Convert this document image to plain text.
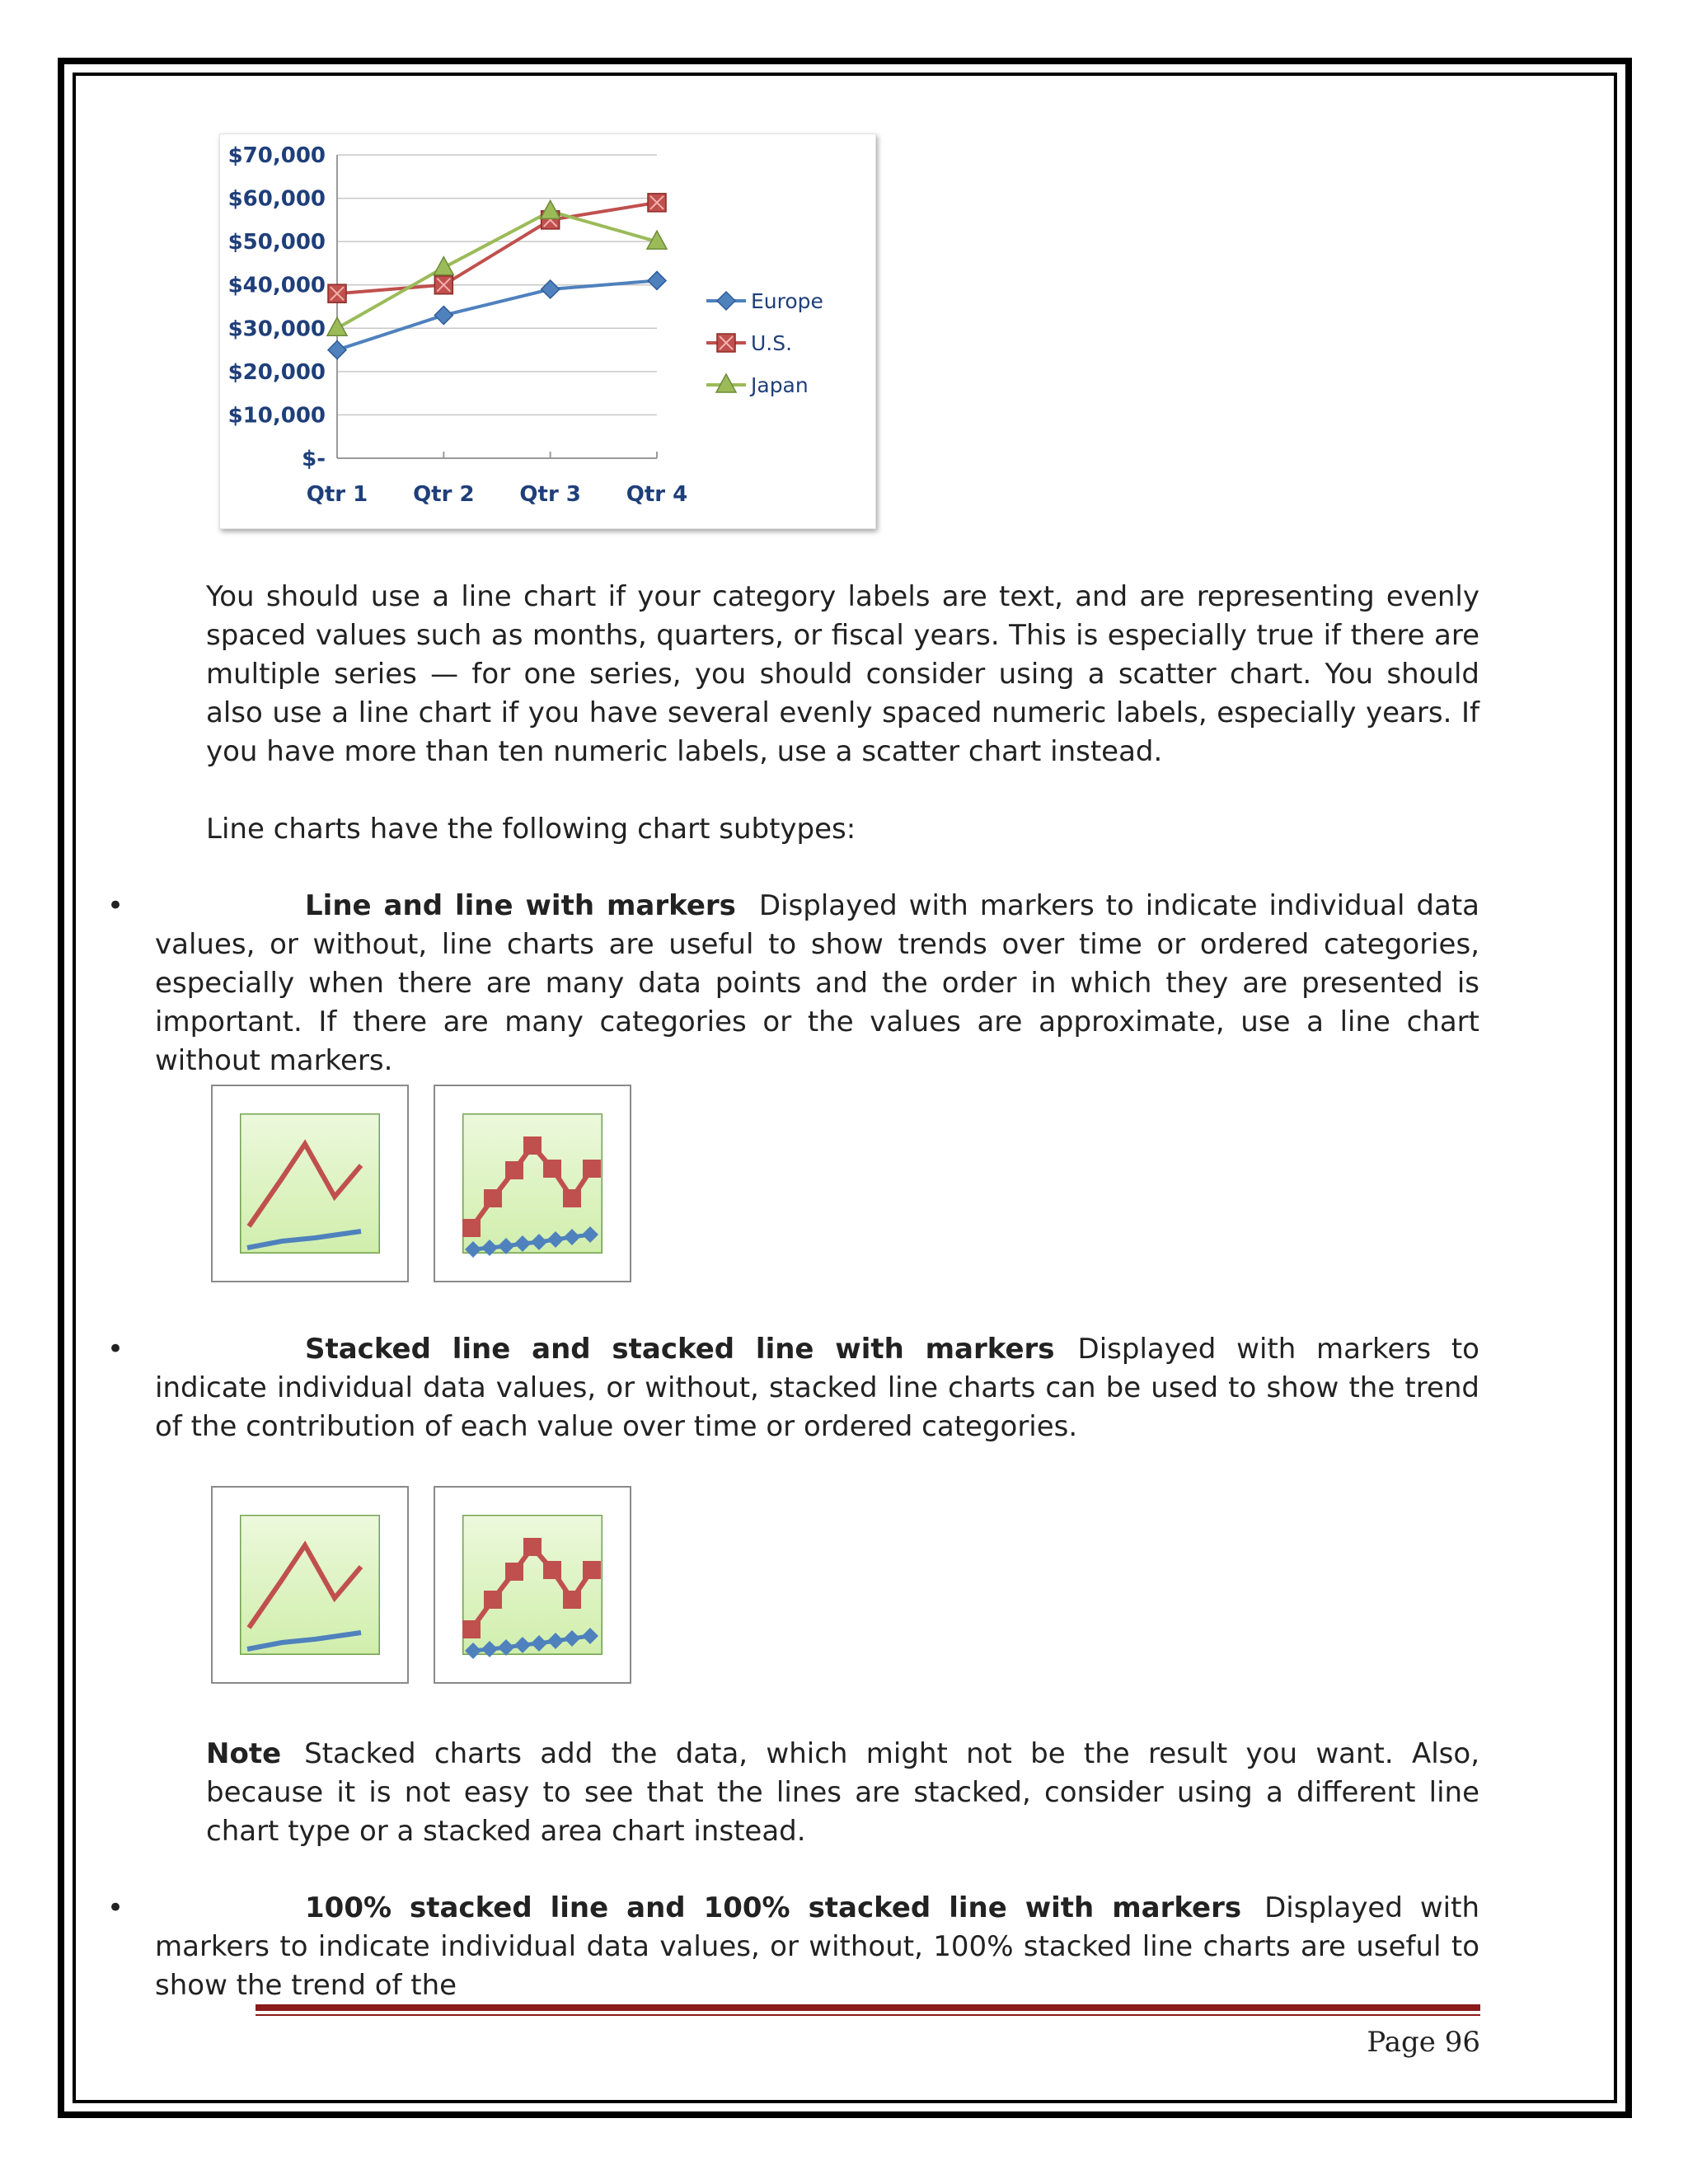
$70,000
$60,000
$50,000
$40,000
$30,000
$20,000
$10,000
$-
Qtr 1 Qtr 2 Qtr 3 Qtr 4
Europe
U.S.
Japan

You should use a line chart if your category labels are text, and are representing evenly spaced values such as months, quarters, or fiscal years. This is especially true if there are multiple series — for one series, you should consider using a scatter chart. You should also use a line chart if you have several evenly spaced numeric labels, especially years. If you have more than ten numeric labels, use a scatter chart instead.

Line charts have the following chart subtypes:

•	Line and line with markers Displayed with markers to indicate individual data values, or without, line charts are useful to show trends over time or ordered categories, especially when there are many data points and the order in which they are presented is important. If there are many categories or the values are approximate, use a line chart without markers.

•	Stacked line and stacked line with markers Displayed with markers to indicate individual data values, or without, stacked line charts can be used to show the trend of the contribution of each value over time or ordered categories.

Note Stacked charts add the data, which might not be the result you want. Also, because it is not easy to see that the lines are stacked, consider using a different line chart type or a stacked area chart instead.

•	100% stacked line and 100% stacked line with markers Displayed with markers to indicate individual data values, or without, 100% stacked line charts are useful to show the trend of the

Page 96
